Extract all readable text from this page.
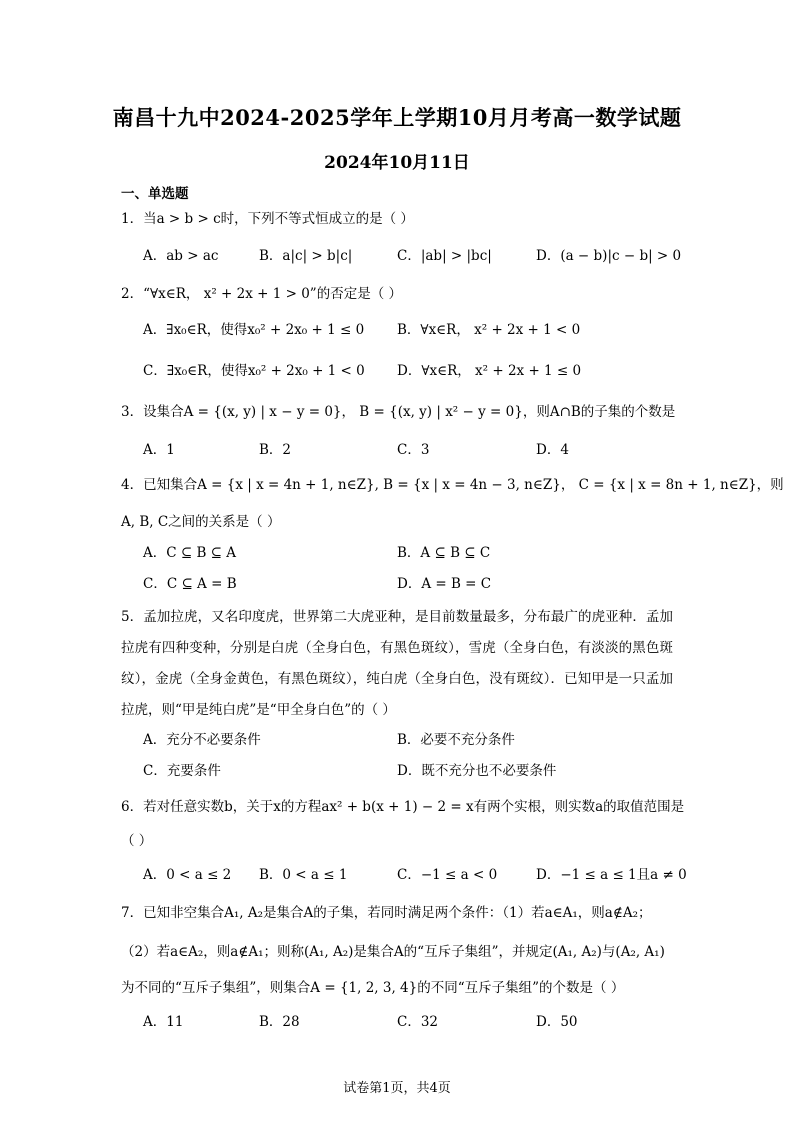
南昌十九中2024-2025学年上学期10月月考高一数学试题
2024年10月11日
一、单选题
1．当a > b > c时，下列不等式恒成立的是（ ）
A．ab > ac	B．a|c| > b|c|	C．|ab| > |bc|	D．(a − b)|c − b| > 0
2．“∀x∈R， x² + 2x + 1 > 0”的否定是（ ）
A．∃x₀∈R，使得x₀² + 2x₀ + 1 ≤ 0 B．∀x∈R， x² + 2x + 1 < 0
C．∃x₀∈R，使得x₀² + 2x₀ + 1 < 0 D．∀x∈R， x² + 2x + 1 ≤ 0
3．设集合A = {(x, y) | x − y = 0}， B = {(x, y) | x² − y = 0}，则A∩B的子集的个数是
A．1	B．2	C．3	D．4
4．已知集合A = {x | x = 4n + 1, n∈Z}, B = {x | x = 4n − 3, n∈Z}， C = {x | x = 8n + 1, n∈Z}，则
A, B, C之间的关系是（ ）
A．C ⊆ B ⊆ A	B．A ⊆ B ⊆ C
C．C ⊆ A = B	D．A = B = C
5．孟加拉虎，又名印度虎，世界第二大虎亚种，是目前数量最多，分布最广的虎亚种．孟加拉虎有四种变种，分别是白虎（全身白色，有黑色斑纹），雪虎（全身白色，有淡淡的黑色斑纹），金虎（全身金黄色，有黑色斑纹），纯白虎（全身白色，没有斑纹）．已知甲是一只孟加拉虎，则“甲是纯白虎”是“甲全身白色”的（ ）
A．充分不必要条件	B．必要不充分条件
C．充要条件	D．既不充分也不必要条件
6．若对任意实数b，关于x的方程ax² + b(x + 1) − 2 = x有两个实根，则实数a的取值范围是
（ ）
A．0 < a ≤ 2 B．0 < a ≤ 1	C．−1 ≤ a < 0	D．−1 ≤ a ≤ 1且a ≠ 0
7．已知非空集合A₁, A₂是集合A的子集，若同时满足两个条件：（1）若a∈A₁，则a∉A₂；
（2）若a∈A₂，则a∉A₁；则称(A₁, A₂)是集合A的“互斥子集组”，并规定(A₁, A₂)与(A₂, A₁)
为不同的“互斥子集组”，则集合A = {1, 2, 3, 4}的不同“互斥子集组”的个数是（ ）
A．11	B．28	C．32	D．50
试卷第1页，共4页
